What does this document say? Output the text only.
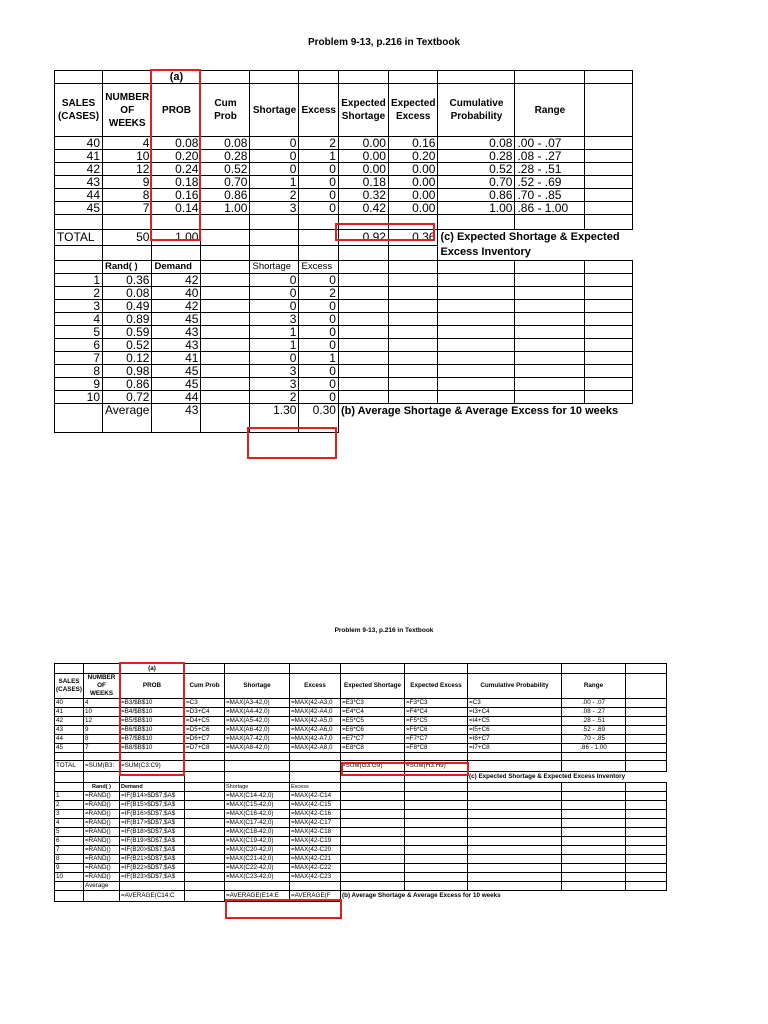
Problem 9-13, p.216 in Textbook
		(a)								
SALES (CASES)	NUMBER OF WEEKS	PROB	Cum Prob	Shortage	Excess	Expected Shortage	Expected Excess	Cumulative Probability	Range	
40	4	0.08	0.08	0	2	0.00	0.16	0.08	.00 - .07	
41	10	0.20	0.28	0	1	0.00	0.20	0.28	.08 - .27	
42	12	0.24	0.52	0	0	0.00	0.00	0.52	.28 - .51	
43	9	0.18	0.70	1	0	0.18	0.00	0.70	.52 - .69	
44	8	0.16	0.86	2	0	0.32	0.00	0.86	.70 - .85	
45	7	0.14	1.00	3	0	0.42	0.00	1.00	.86 - 1.00	

TOTAL	50	1.00				0.92	0.36	(c) Expected Shortage & Expected Excess Inventory		

	Rand( )	Demand		Shortage	Excess					
1	0.36	42		0	0					
2	0.08	40		0	2					
3	0.49	42		0	0					
4	0.89	45		3	0					
5	0.59	43		1	0					
6	0.52	43		1	0					
7	0.12	41		0	1					
8	0.98	45		3	0					
9	0.86	45		3	0					
10	0.72	44		2	0					
	Average	43		1.30	0.30	(b) Average Shortage & Average Excess for 10 weeks				
Problem 9-13, p.216 in Textbook
		(a)								
SALES (CASES)	NUMBER OF WEEKS	PROB	Cum Prob	Shortage	Excess	Expected Shortage	Expected Excess	Cumulative Probability	Range	
40	4	=B3/$B$10	=C3	=MAX(A3-42,0)	=MAX(42-A3,0	=E3*C3	=F3*C3	=C3	.00 - .07	
41	10	=B4/$B$10	=D3+C4	=MAX(A4-42,0)	=MAX(42-A4,0	=E4*C4	=F4*C4	=I3+C4	.08 - .27	
42	12	=B5/$B$10	=D4+C5	=MAX(A5-42,0)	=MAX(42-A5,0	=E5*C5	=F5*C5	=I4+C5	.28 - .51	
43	9	=B6/$B$10	=D5+C6	=MAX(A6-42,0)	=MAX(42-A6,0	=E6*C6	=F6*C6	=I5+C6	.52 - .69	
44	8	=B7/$B$10	=D6+C7	=MAX(A7-42,0)	=MAX(42-A7,0	=E7*C7	=F7*C7	=I6+C7	.70 - .85	
45	7	=B8/$B$10	=D7+C8	=MAX(A8-42,0)	=MAX(42-A8,0	=E8*C8	=F8*C8	=I7+C8	.86 - 1.00	

TOTAL	=SUM(B3:	=SUM(C3:C9)				=SUM(G3:G9)	=SUM(H3:H9)			
								(c) Expected Shortage & Expected Excess Inventory		
	Rand( )	Demand		Shortage	Excess					
1	=RAND()	=IF(B14>$D$7,$A$		=MAX(C14-42,0)	=MAX(42-C14					
2	=RAND()	=IF(B15>$D$7,$A$		=MAX(C15-42,0)	=MAX(42-C15					
3	=RAND()	=IF(B16>$D$7,$A$		=MAX(C16-42,0)	=MAX(42-C16					
4	=RAND()	=IF(B17>$D$7,$A$		=MAX(C17-42,0)	=MAX(42-C17					
5	=RAND()	=IF(B18>$D$7,$A$		=MAX(C18-42,0)	=MAX(42-C18					
6	=RAND()	=IF(B19>$D$7,$A$		=MAX(C19-42,0)	=MAX(42-C19					
7	=RAND()	=IF(B20>$D$7,$A$		=MAX(C20-42,0)	=MAX(42-C20					
8	=RAND()	=IF(B21>$D$7,$A$		=MAX(C21-42,0)	=MAX(42-C21					
9	=RAND()	=IF(B22>$D$7,$A$		=MAX(C22-42,0)	=MAX(42-C22					
10	=RAND()	=IF(B23>$D$7,$A$		=MAX(C23-42,0)	=MAX(42-C23					
	Average									
		=AVERAGE(C14:C		=AVERAGE(E14:E	=AVERAGE(F	(b) Average Shortage & Average Excess for 10 weeks				
